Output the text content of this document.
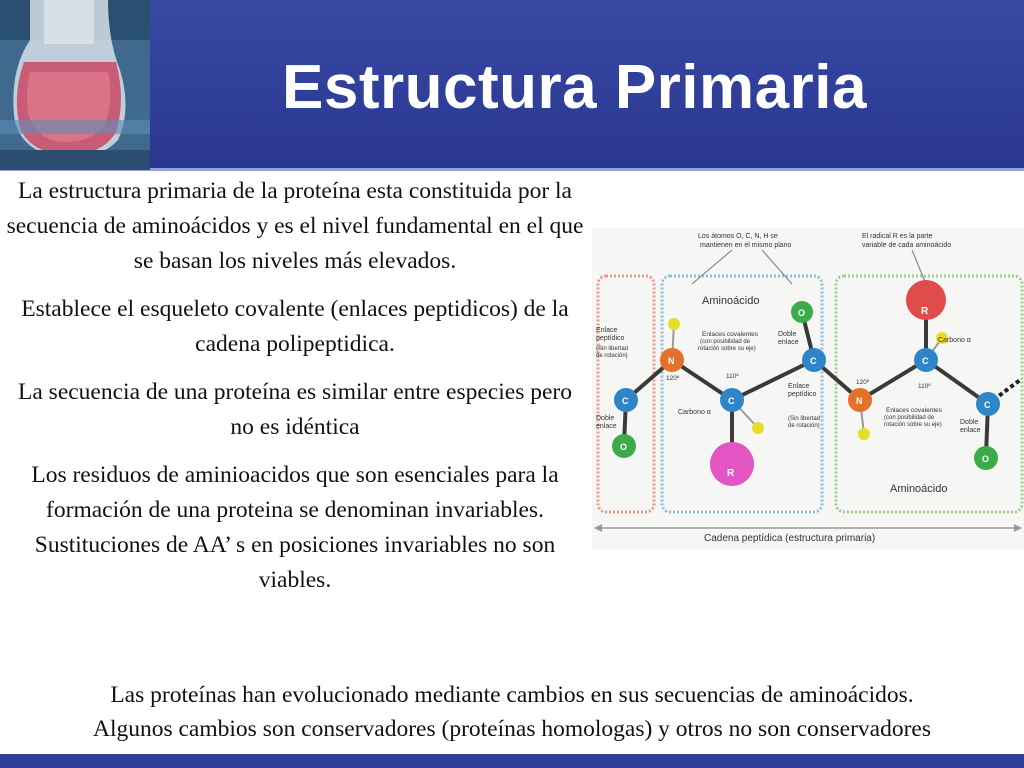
Estructura Primaria

La estructura primaria de la proteína esta constituida por la secuencia de aminoácidos y es el nivel fundamental en el que se basan los niveles más elevados.

Establece el esqueleto covalente (enlaces peptidicos) de la cadena polipeptidica.

La secuencia de una proteína es similar entre especies pero no es idéntica

Los residuos de aminioacidos que son esenciales para la formación de una proteina se denominan invariables. Sustituciones de AA’ s en posiciones invariables no son viables.

Los átomos O, C, N, H se
mantienen en el mismo plano
El radical R es la parte
variable de cada aminoácido
Aminoácido
Aminoácido
C
N
C
C
N
C
C
O
O
O
R
R
Enlace
peptídico
(Sin libertad
de rotación)
Doble
enlace
Enlaces covalentes
(con posibilidad de
rotación sobre su eje)
Doble
enlace
Carbono α
120º	110º
Enlace
peptídico
(Sin libertad
de rotación)
Carbono α
120º
110º
Enlaces covalentes
(con posibilidad de
rotación sobre su eje)	Doble
enlace
Cadena peptídica (estructura primaria)
Las proteínas han evolucionado mediante cambios en sus secuencias de aminoácidos.
Algunos cambios son conservadores (proteínas homologas) y otros no son conservadores
